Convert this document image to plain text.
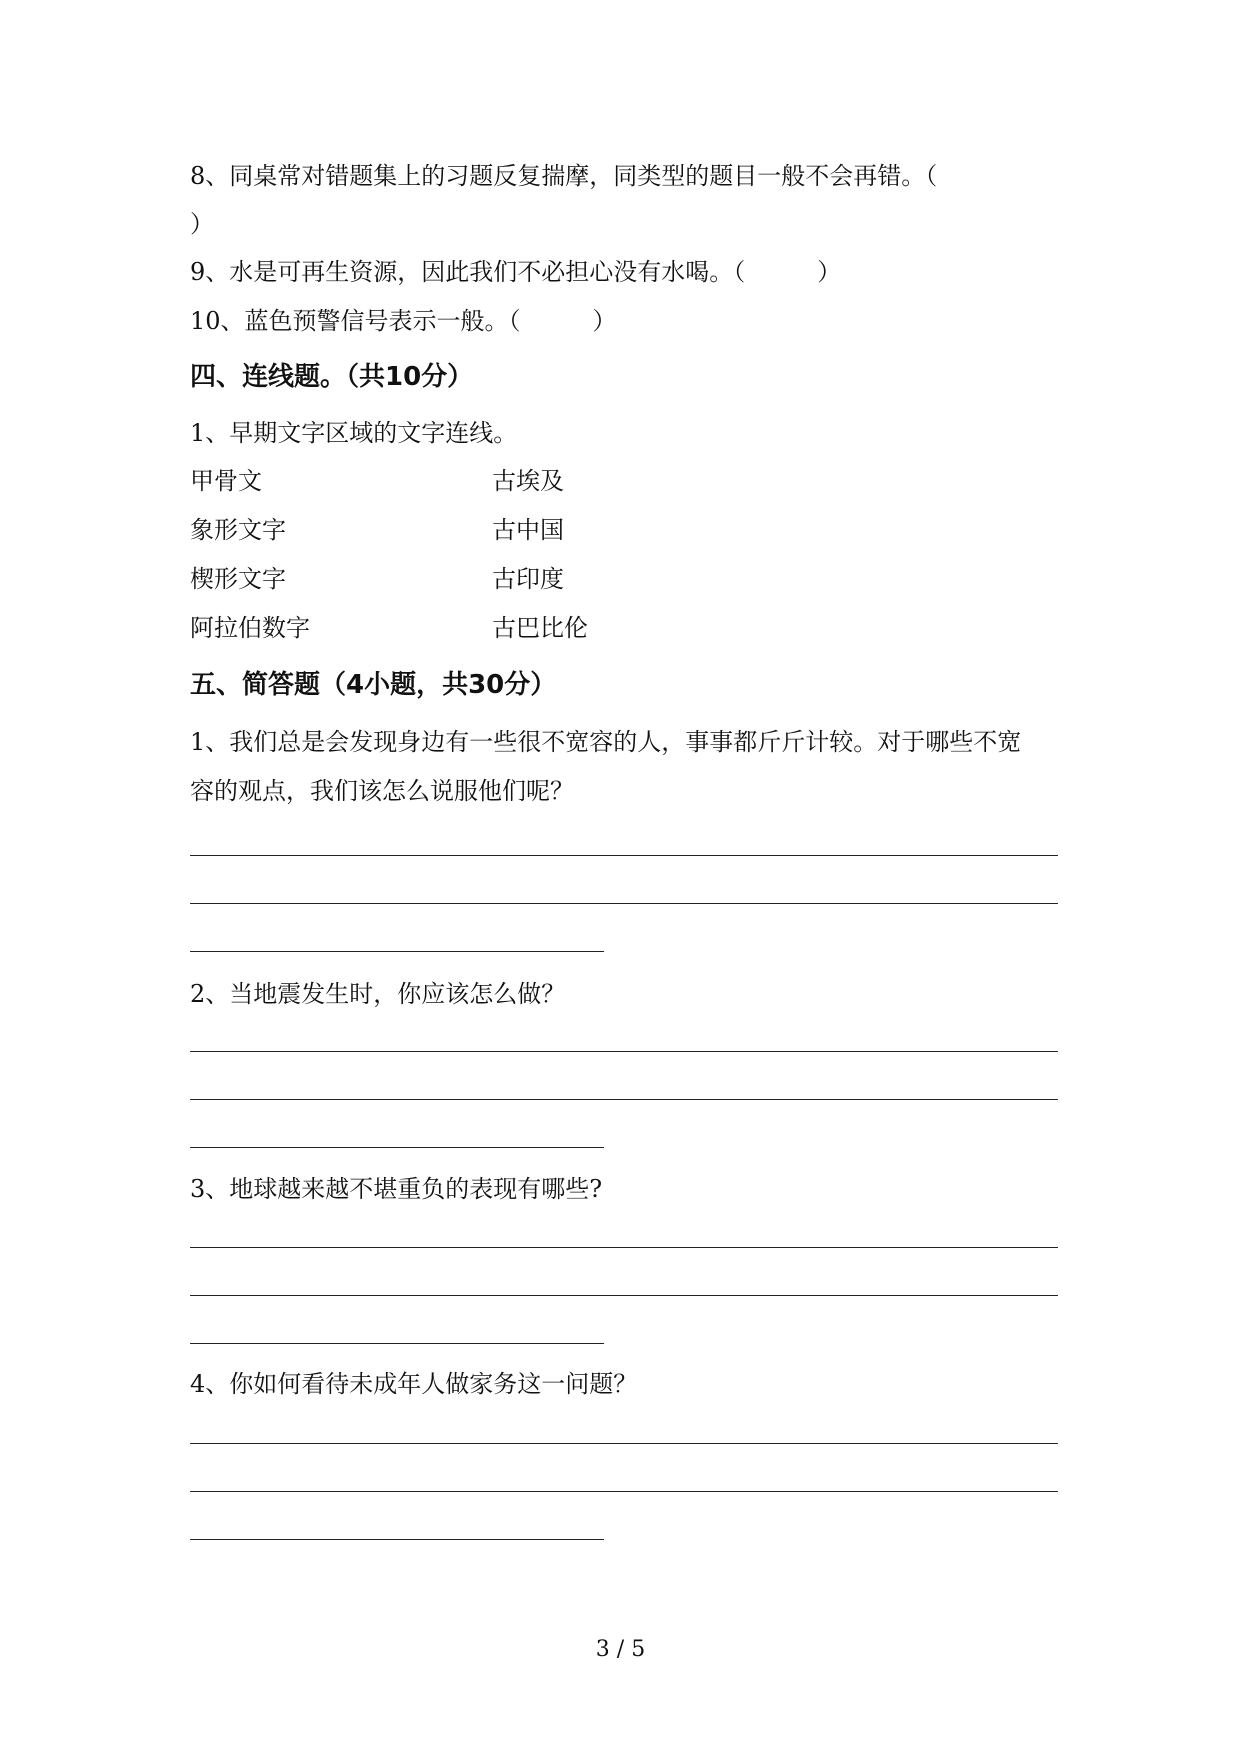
8、同桌常对错题集上的习题反复揣摩，同类型的题目一般不会再错。（
）
9、水是可再生资源，因此我们不必担心没有水喝。（　　　）
10、蓝色预警信号表示一般。（　　　）
四、连线题。（共10分）
1、早期文字区域的文字连线。
甲骨文	古埃及
象形文字	古中国
楔形文字	古印度
阿拉伯数字	古巴比伦
五、简答题（4小题，共30分）
1、我们总是会发现身边有一些很不宽容的人，事事都斤斤计较。对于哪些不宽
容的观点，我们该怎么说服他们呢？
2、当地震发生时，你应该怎么做？
3、地球越来越不堪重负的表现有哪些?
4、你如何看待未成年人做家务这一问题？
3 / 5
